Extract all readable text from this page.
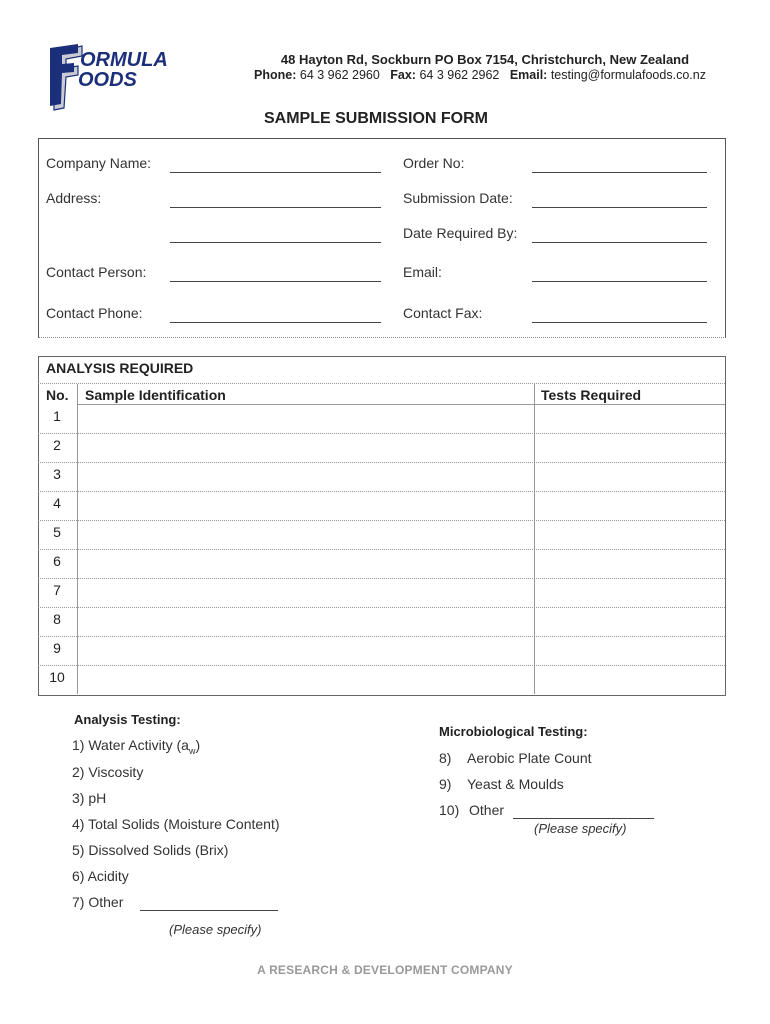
ORMULA
OODS
48 Hayton Rd, Sockburn PO Box 7154, Christchurch, New Zealand
Phone: 64 3 962 2960 Fax: 64 3 962 2962 Email: testing@formulafoods.co.nz
SAMPLE SUBMISSION FORM
Company Name:	Order No:
Address:	Submission Date:
Date Required By:
Contact Person:	Email:
Contact Phone:	Contact Fax:
ANALYSIS REQUIRED
No. Sample Identification	Tests Required
1
2
3
4
5
6
7
8
9
10
Analysis Testing:
1) Water Activity $(a_w)$
2) Viscosity
3) pH
4) Total Solids (Moisture Content)
5) Dissolved Solids (Brix)
6) Acidity
7) Other
(Please specify)
Microbiological Testing:
8) Aerobic Plate Count
9) Yeast & Moulds
10) Other
(Please specify)
A RESEARCH & DEVELOPMENT COMPANY
